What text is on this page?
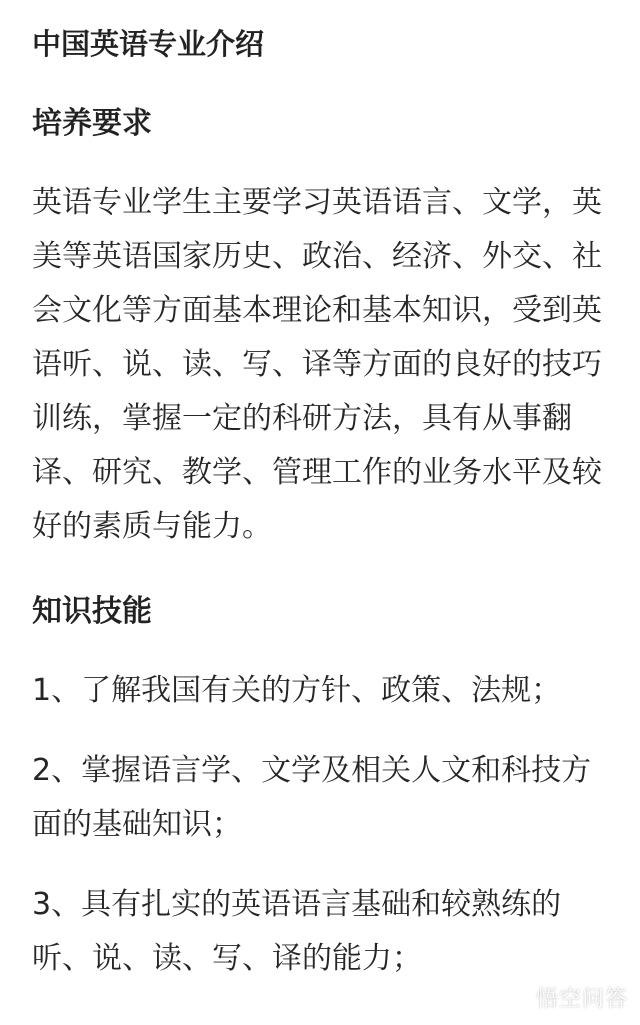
中国英语专业介绍
培养要求
英语专业学生主要学习英语语言、文学，英美等英语国家历史、政治、经济、外交、社会文化等方面基本理论和基本知识，受到英语听、说、读、写、译等方面的良好的技巧训练，掌握一定的科研方法，具有从事翻译、研究、教学、管理工作的业务水平及较好的素质与能力。
知识技能
1、了解我国有关的方针、政策、法规；
2、掌握语言学、文学及相关人文和科技方面的基础知识；
3、具有扎实的英语语言基础和较熟练的听、说、读、写、译的能力；
悟空问答
